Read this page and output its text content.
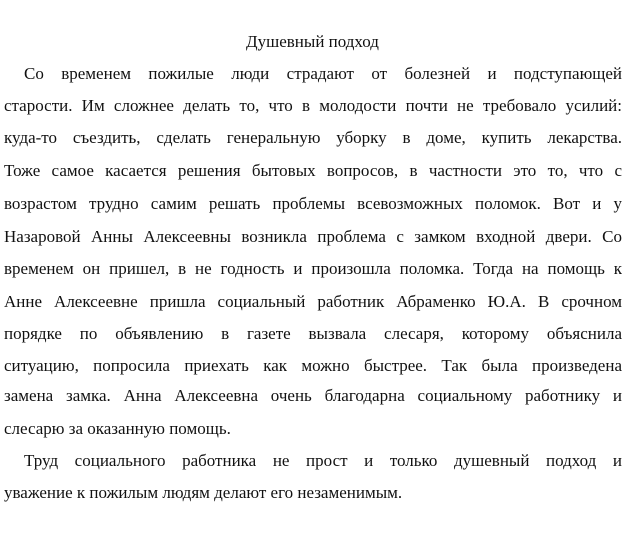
Душевный подход
Со временем пожилые люди страдают от болезней и подступающей
старости. Им сложнее делать то, что в молодости почти не требовало усилий:
куда-то съездить, сделать генеральную уборку в доме, купить лекарства.
Тоже самое касается решения бытовых вопросов, в частности это то, что с
возрастом трудно самим решать проблемы всевозможных поломок. Вот и у
Назаровой Анны Алексеевны возникла проблема с замком входной двери. Со
временем он пришел, в не годность и произошла поломка. Тогда на помощь к
Анне Алексеевне пришла социальный работник Абраменко Ю.А. В срочном
порядке по объявлению в газете вызвала слесаря, которому объяснила
ситуацию, попросила приехать как можно быстрее. Так была произведена
замена замка. Анна Алексеевна очень благодарна социальному работнику и
слесарю за оказанную помощь.
Труд социального работника не прост и только душевный подход и
уважение к пожилым людям делают его незаменимым.
